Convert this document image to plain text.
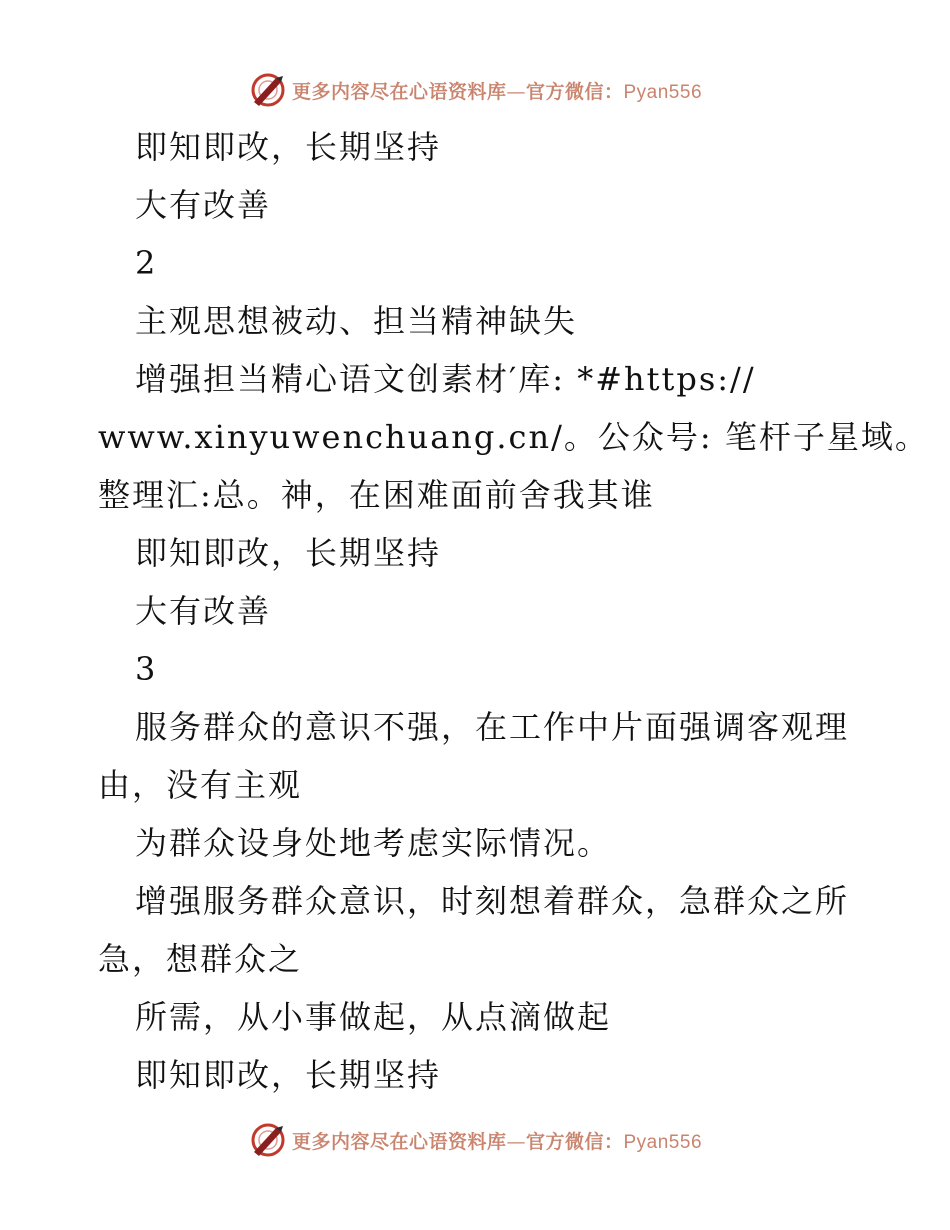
更多内容尽在心语资料库—官方微信：Pyan556
即知即改，长期坚持
大有改善
2
主观思想被动、担当精神缺失
增强担当精心语文创素材′库: *#https://
www.xinyuwenchuang.cn/。公众号: 笔杆子星域。
整理汇:总。神，在困难面前舍我其谁
即知即改，长期坚持
大有改善
3
服务群众的意识不强，在工作中片面强调客观理
由，没有主观
为群众设身处地考虑实际情况。
增强服务群众意识，时刻想着群众，急群众之所
急，想群众之
所需，从小事做起，从点滴做起
即知即改，长期坚持
更多内容尽在心语资料库—官方微信：Pyan556
